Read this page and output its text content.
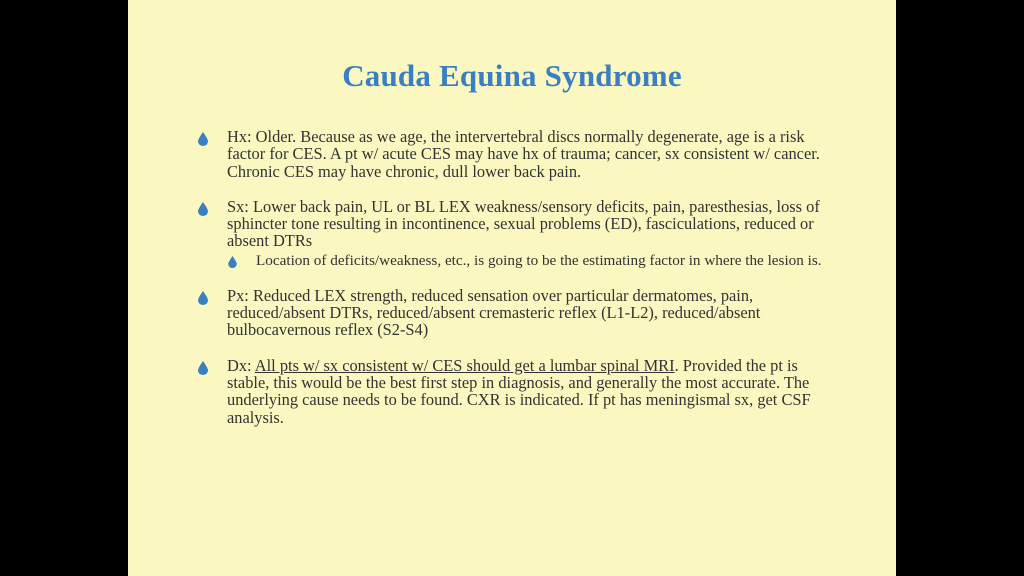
Cauda Equina Syndrome
Hx: Older. Because as we age, the intervertebral discs normally degenerate, age is a risk factor for CES. A pt w/ acute CES may have hx of trauma; cancer, sx consistent w/ cancer. Chronic CES may have chronic, dull lower back pain.
Sx: Lower back pain, UL or BL LEX weakness/sensory deficits, pain, paresthesias, loss of sphincter tone resulting in incontinence, sexual problems (ED), fasciculations, reduced or absent DTRs
Location of deficits/weakness, etc., is going to be the estimating factor in where the lesion is.
Px: Reduced LEX strength, reduced sensation over particular dermatomes, pain, reduced/absent DTRs, reduced/absent cremasteric reflex (L1-L2), reduced/absent bulbocavernous reflex (S2-S4)
Dx: All pts w/ sx consistent w/ CES should get a lumbar spinal MRI. Provided the pt is stable, this would be the best first step in diagnosis, and generally the most accurate. The underlying cause needs to be found. CXR is indicated. If pt has meningismal sx, get CSF analysis.
